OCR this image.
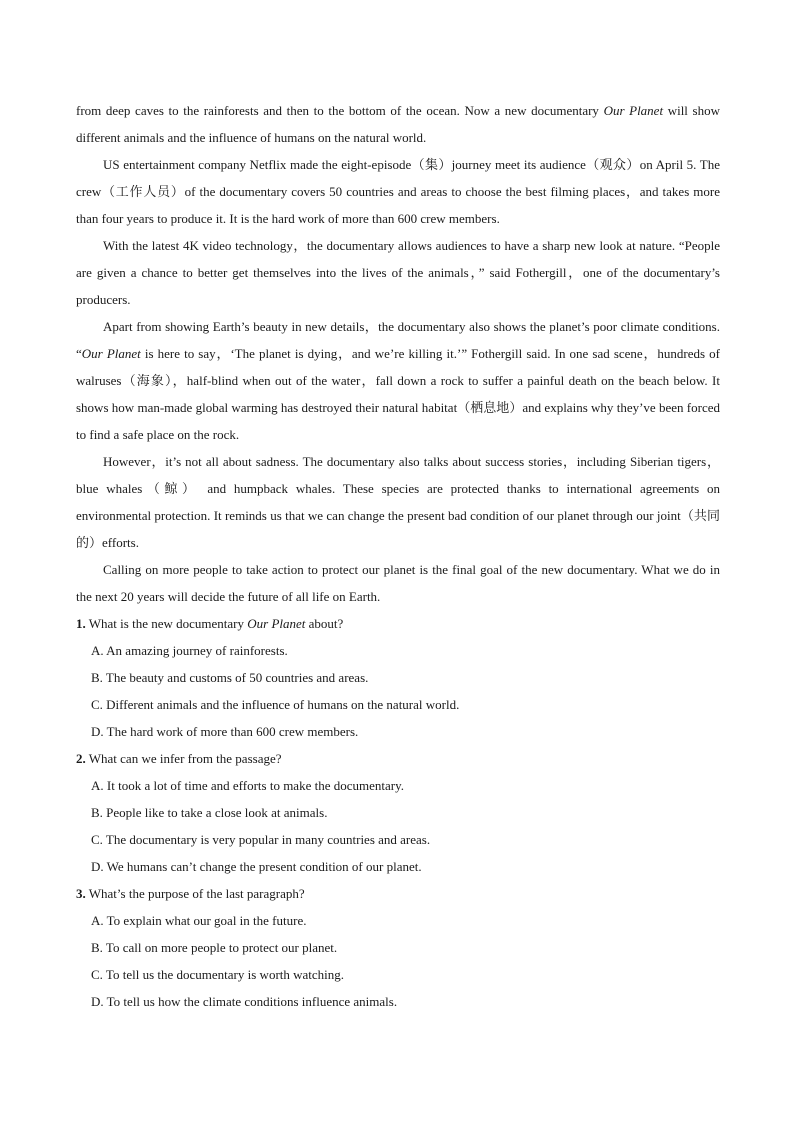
from deep caves to the rainforests and then to the bottom of the ocean. Now a new documentary Our Planet will show different animals and the influence of humans on the natural world.

US entertainment company Netflix made the eight-episode（集）journey meet its audience（观众）on April 5. The crew（工作人员）of the documentary covers 50 countries and areas to choose the best filming places，and takes more than four years to produce it. It is the hard work of more than 600 crew members.

With the latest 4K video technology，the documentary allows audiences to have a sharp new look at nature. “People are given a chance to better get themselves into the lives of the animals，” said Fothergill，one of the documentary’s producers.

Apart from showing Earth’s beauty in new details，the documentary also shows the planet’s poor climate conditions. “Our Planet is here to say，‘The planet is dying，and we’re killing it.’” Fothergill said. In one sad scene，hundreds of walruses（海象），half-blind when out of the water，fall down a rock to suffer a painful death on the beach below. It shows how man-made global warming has destroyed their natural habitat（栖息地）and explains why they’ve been forced to find a safe place on the rock.

However，it’s not all about sadness. The documentary also talks about success stories，including Siberian tigers，blue whales（鲸） and humpback whales. These species are protected thanks to international agreements on environmental protection. It reminds us that we can change the present bad condition of our planet through our joint（共同的）efforts.

Calling on more people to take action to protect our planet is the final goal of the new documentary. What we do in the next 20 years will decide the future of all life on Earth.

1. What is the new documentary Our Planet about?

A. An amazing journey of rainforests.

B. The beauty and customs of 50 countries and areas.

C. Different animals and the influence of humans on the natural world.

D. The hard work of more than 600 crew members.

2. What can we infer from the passage?

A. It took a lot of time and efforts to make the documentary.

B. People like to take a close look at animals.

C. The documentary is very popular in many countries and areas.

D. We humans can’t change the present condition of our planet.

3. What’s the purpose of the last paragraph?

A. To explain what our goal in the future.

B. To call on more people to protect our planet.

C. To tell us the documentary is worth watching.

D. To tell us how the climate conditions influence animals.
